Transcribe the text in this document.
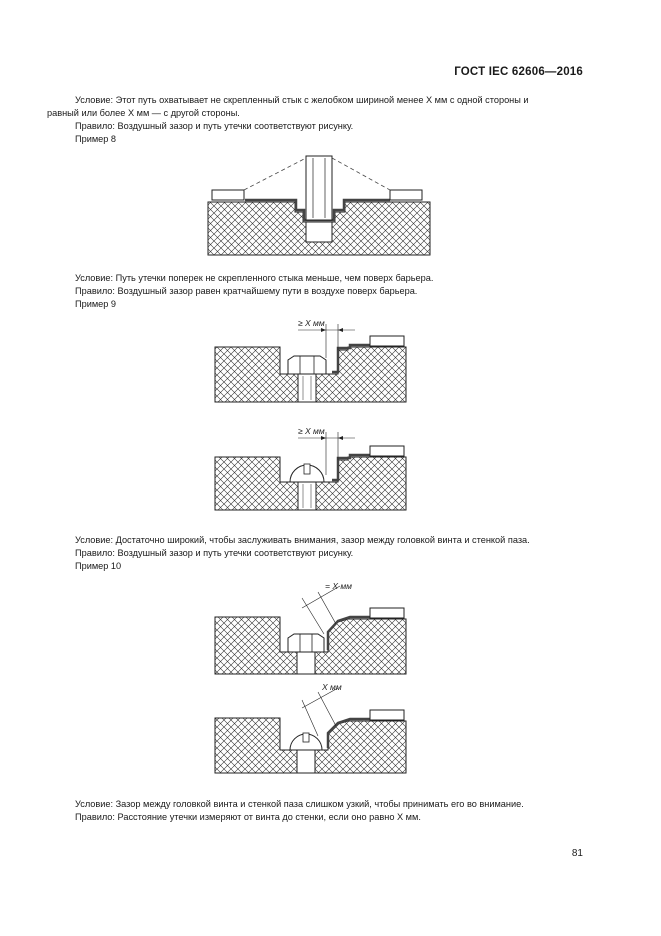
ГОСТ IEC 62606—2016

Условие: Этот путь охватывает не скрепленный стык с желобком шириной менее X мм с одной стороны и

равный или более X мм — с другой стороны.

Правило: Воздушный зазор и путь утечки соответствуют рисунку.

Пример 8

Условие: Путь утечки поперек не скрепленного стыка меньше, чем поверх барьера.

Правило: Воздушный зазор равен кратчайшему пути в воздухе поверх барьера.

Пример 9

≥ X мм
≥ X мм

Условие: Достаточно широкий, чтобы заслуживать внимания, зазор между головкой винта и стенкой паза.

Правило: Воздушный зазор и путь утечки соответствуют рисунку.

Пример 10

= X мм
X мм

Условие: Зазор между головкой винта и стенкой паза слишком узкий, чтобы принимать его во внимание.

Правило: Расстояние утечки измеряют от винта до стенки, если оно равно X мм.

81
